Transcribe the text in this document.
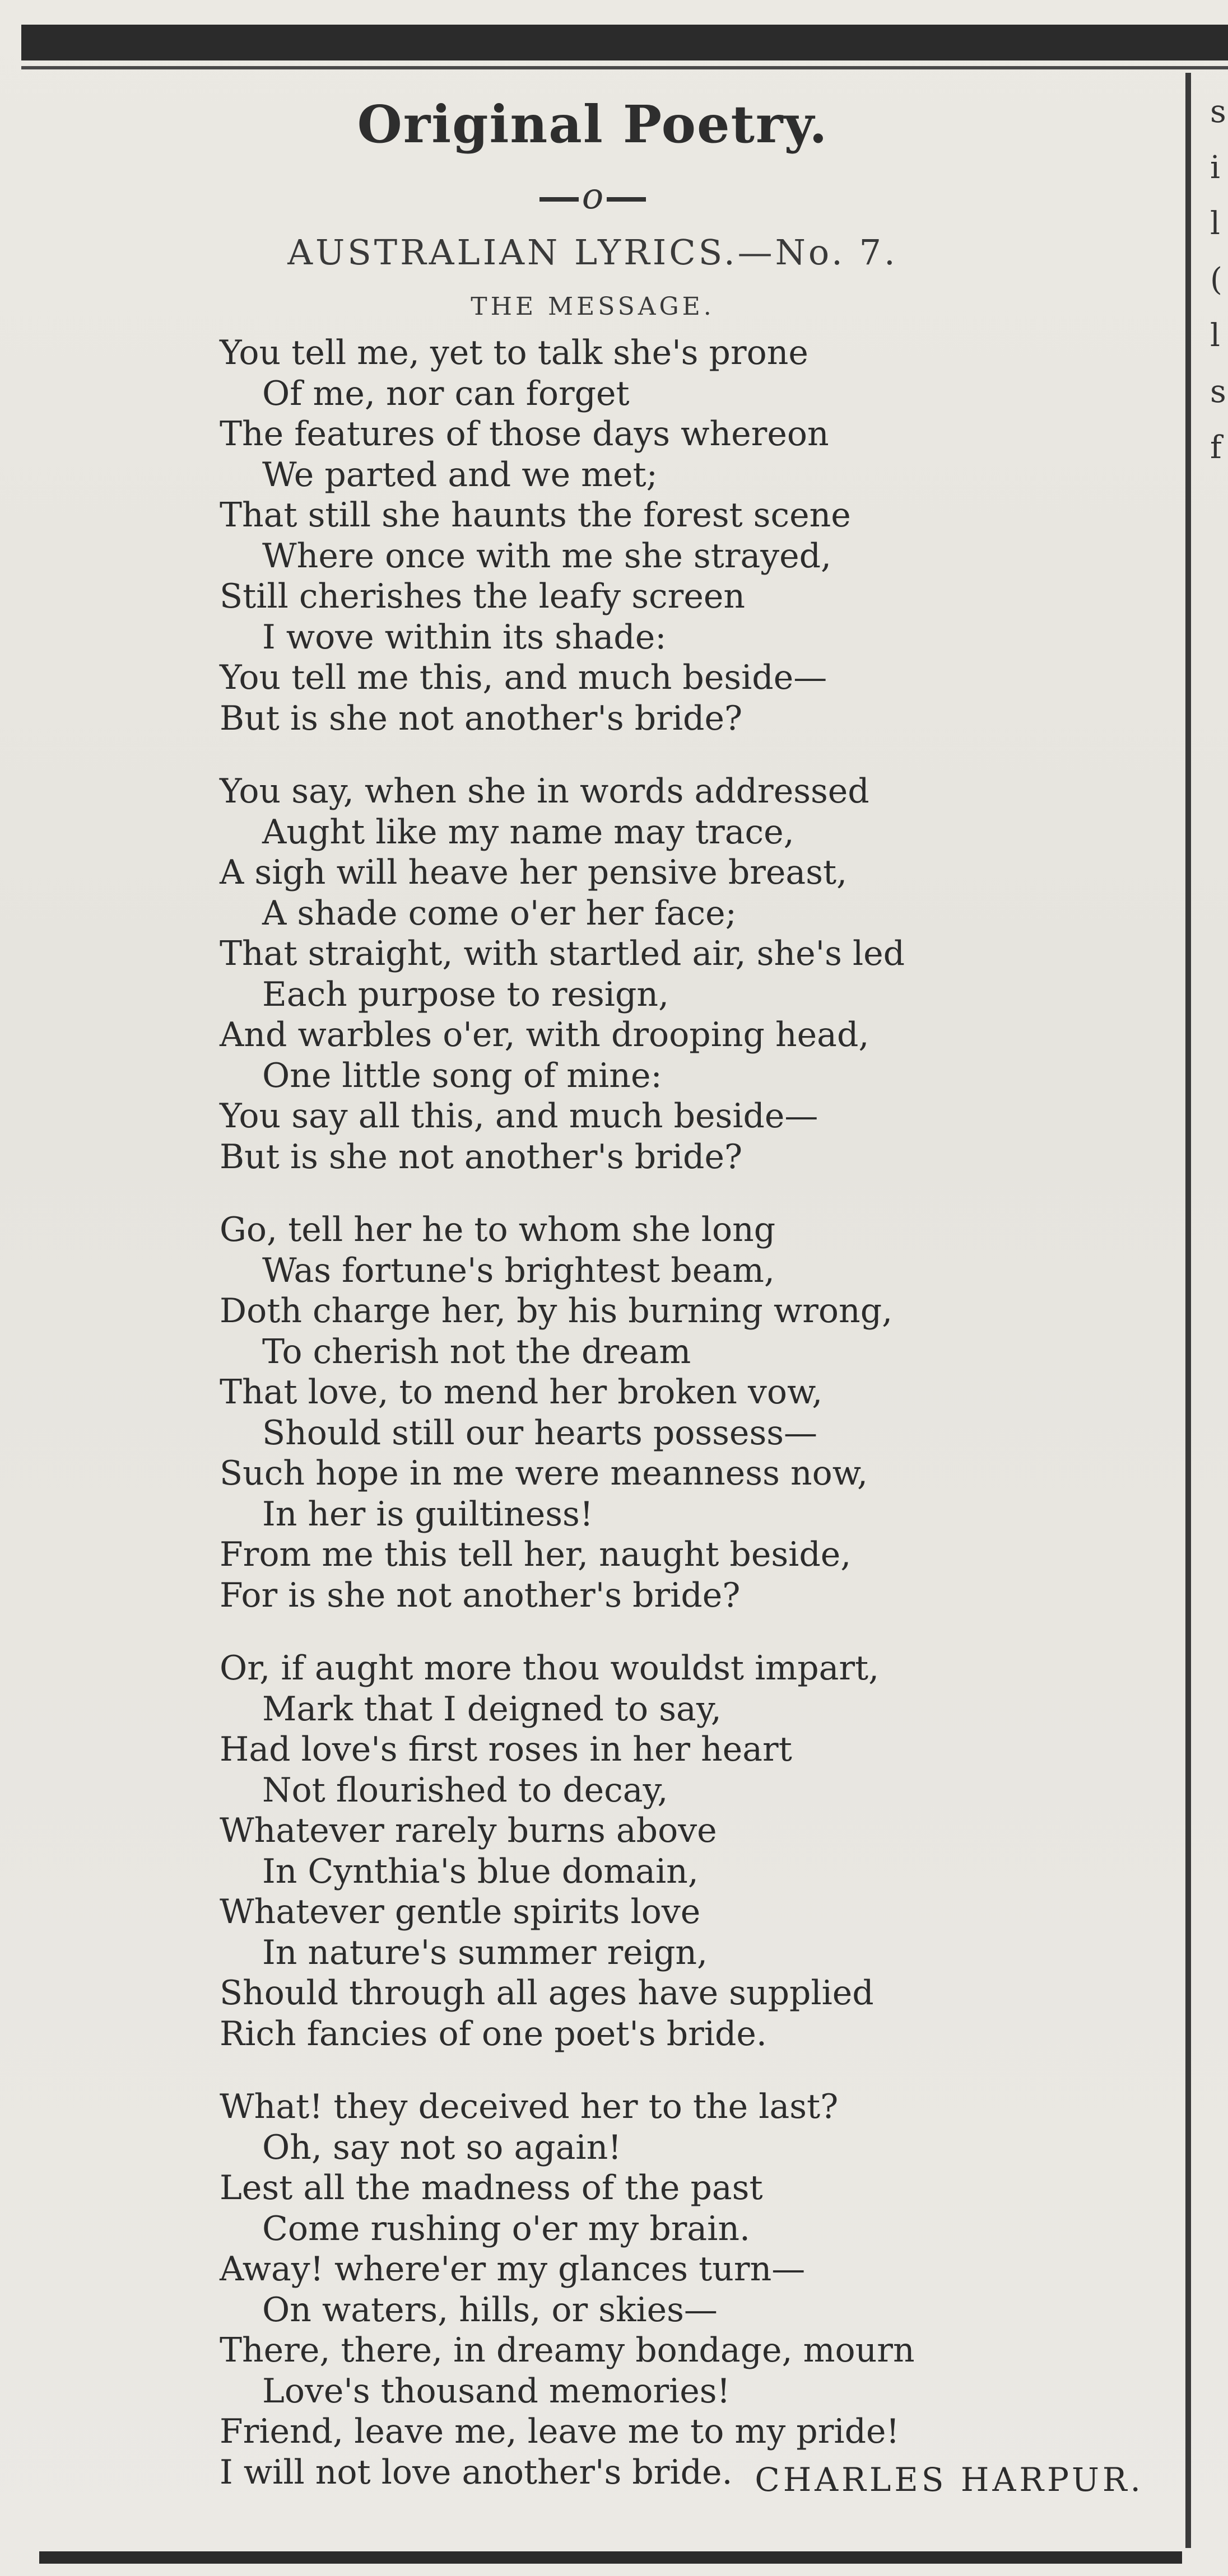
Original Poetry.
o
AUSTRALIAN LYRICS.—No. 7.
THE MESSAGE.
You tell me, yet to talk she's prone
Of me, nor can forget
The features of those days whereon
We parted and we met;
That still she haunts the forest scene
Where once with me she strayed,
Still cherishes the leafy screen
I wove within its shade:
You tell me this, and much beside—
But is she not another's bride?
You say, when she in words addressed
Aught like my name may trace,
A sigh will heave her pensive breast,
A shade come o'er her face;
That straight, with startled air, she's led
Each purpose to resign,
And warbles o'er, with drooping head,
One little song of mine:
You say all this, and much beside—
But is she not another's bride?
Go, tell her he to whom she long
Was fortune's brightest beam,
Doth charge her, by his burning wrong,
To cherish not the dream
That love, to mend her broken vow,
Should still our hearts possess—
Such hope in me were meanness now,
In her is guiltiness!
From me this tell her, naught beside,
For is she not another's bride?
Or, if aught more thou wouldst impart,
Mark that I deigned to say,
Had love's first roses in her heart
Not flourished to decay,
Whatever rarely burns above
In Cynthia's blue domain,
Whatever gentle spirits love
In nature's summer reign,
Should through all ages have supplied
Rich fancies of one poet's bride.
What! they deceived her to the last?
Oh, say not so again!
Lest all the madness of the past
Come rushing o'er my brain.
Away! where'er my glances turn—
On waters, hills, or skies—
There, there, in dreamy bondage, mourn
Love's thousand memories!
Friend, leave me, leave me to my pride!
I will not love another's bride. CHARLES HARPUR.
s
i
l
(
l
s
f
